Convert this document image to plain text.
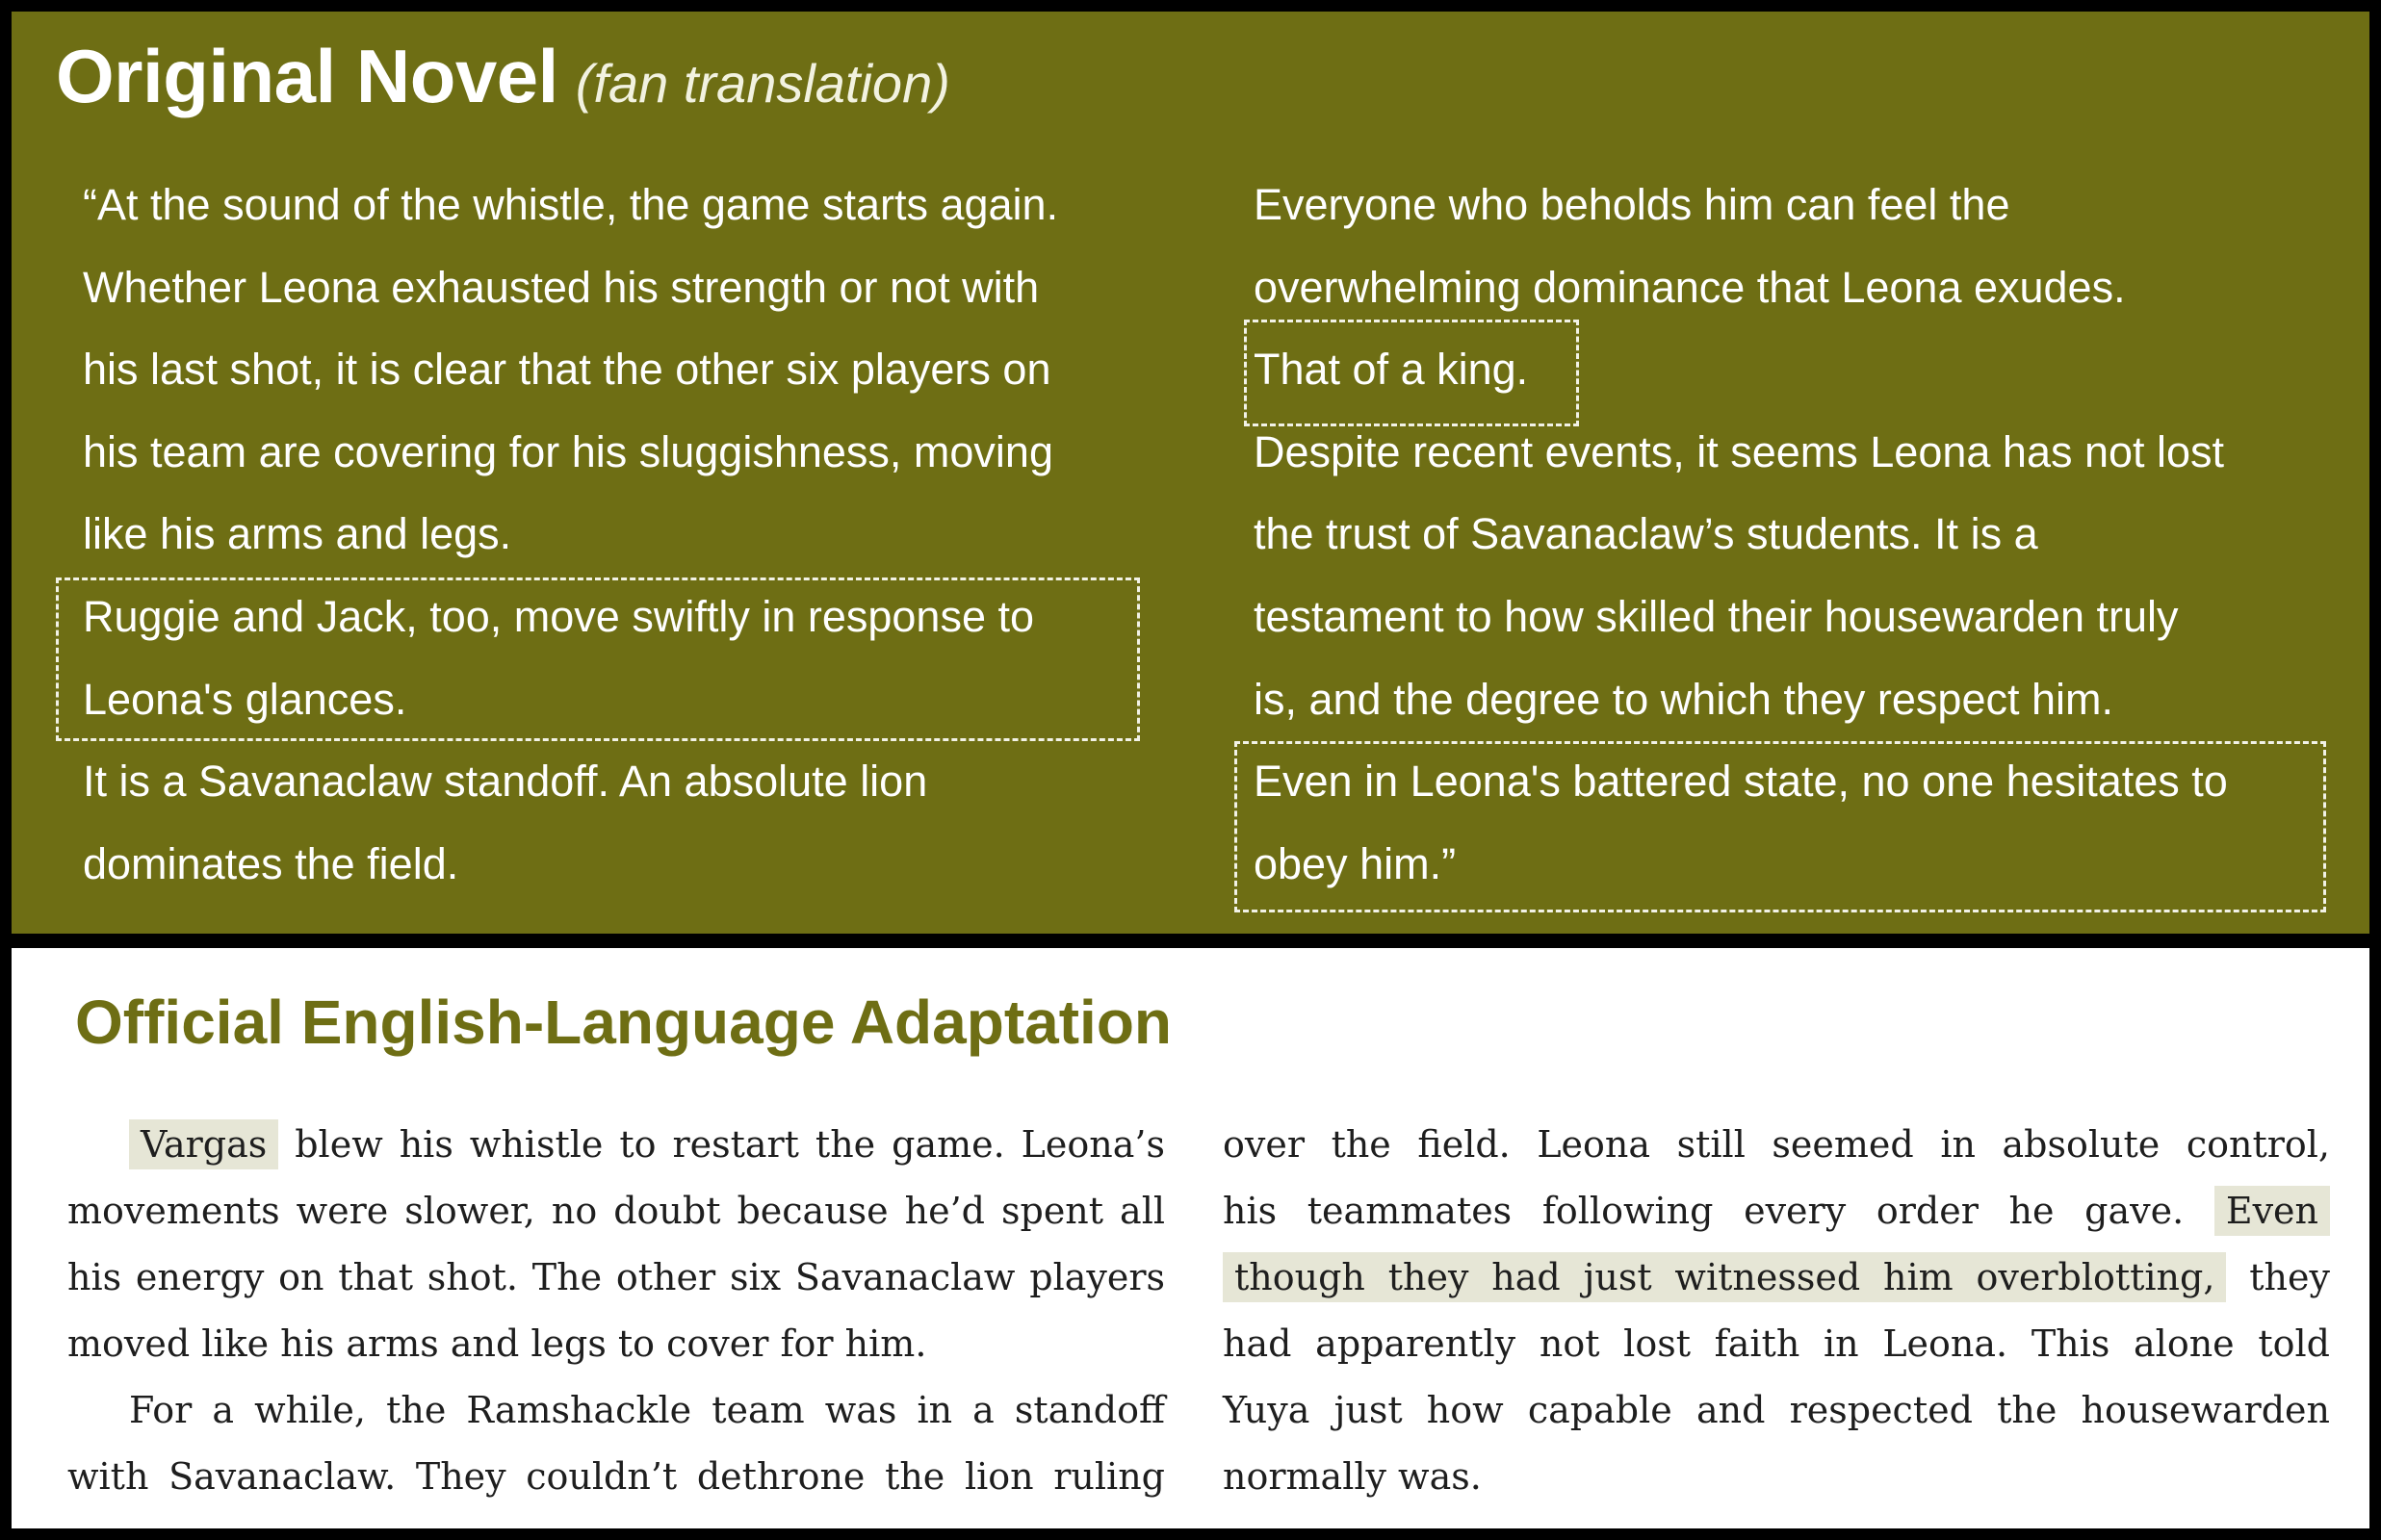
Original Novel (fan translation)
“At the sound of the whistle, the game starts again.
Whether Leona exhausted his strength or not with
his last shot, it is clear that the other six players on
his team are covering for his sluggishness, moving
like his arms and legs.
Ruggie and Jack, too, move swiftly in response to
Leona's glances.
It is a Savanaclaw standoff. An absolute lion
dominates the field.
Everyone who beholds him can feel the
overwhelming dominance that Leona exudes.
That of a king.
Despite recent events, it seems Leona has not lost
the trust of Savanaclaw’s students. It is a
testament to how skilled their housewarden truly
is, and the degree to which they respect him.
Even in Leona's battered state, no one hesitates to
obey him.”
Official English-Language Adaptation
Vargas blew his whistle to restart the game. Leona’s
movements were slower, no doubt because he’d spent all
his energy on that shot. The other six Savanaclaw players
moved like his arms and legs to cover for him.
For a while, the Ramshackle team was in a standoff
with Savanaclaw. They couldn’t dethrone the lion ruling
over the field. Leona still seemed in absolute control,
his teammates following every order he gave. Even
though they had just witnessed him overblotting, they
had apparently not lost faith in Leona. This alone told
Yuya just how capable and respected the housewarden
normally was.
